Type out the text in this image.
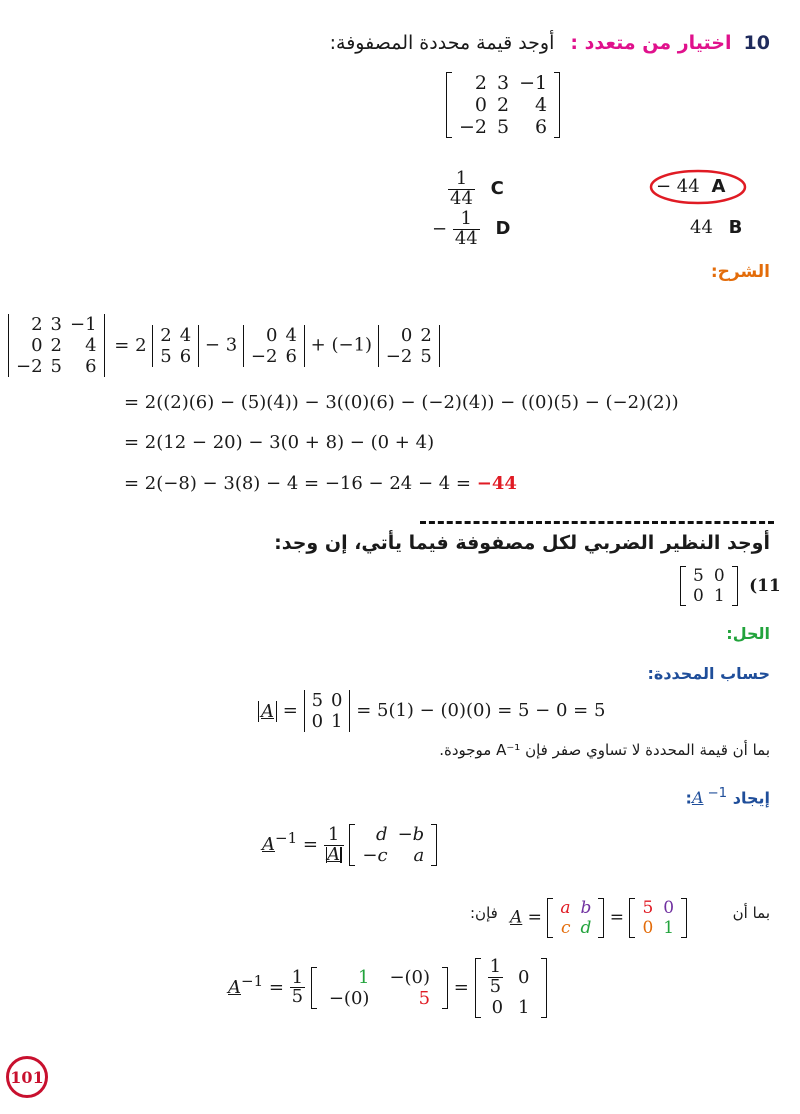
10 اختيار من متعدد : أوجد قيمة محددة المصفوفة:
2	3	−1
0	2	4
−2	5	6
$\frac{1}{44}$ C
− $\frac{1}{44}$ D
− 44 A
44 B
الشرح:
2	3	−1
0	2	4
−2	5	6
= 2 2	4
5	6
− 3 0	4
−2	6
+ (−1) 0	2
−2	5
= 2((2)(6) − (5)(4)) − 3((0)(6) − (−2)(4)) − ((0)(5) − (−2)(2))
= 2(12 − 20) − 3(0 + 8) − (0 + 4)
= 2(−8) − 3(8) − 4 = −16 − 24 − 4 = −44
أوجد النظير الضربي لكل مصفوفة فيما يأتي، إن وجد:
5	0
0	1
(11
الحل:
حساب المحددة:
A = 5	0
0	1
= 5(1) − (0)(0) = 5 − 0 = 5
بما أن قيمة المحددة لا تساوي صفر فإن A⁻¹ موجودة.
إيجاد A $^{-1}$:
$A^{-1} = \frac{1}{A}$
d	−b
−c	a
A = a	b
c	d
= 5	0
0	1
بما أن
فإن:
$A^{-1} = \frac{1}{5}$
	1	−(0)
−(0)	5
= $\frac{1}{5}$	0
0	1
101
